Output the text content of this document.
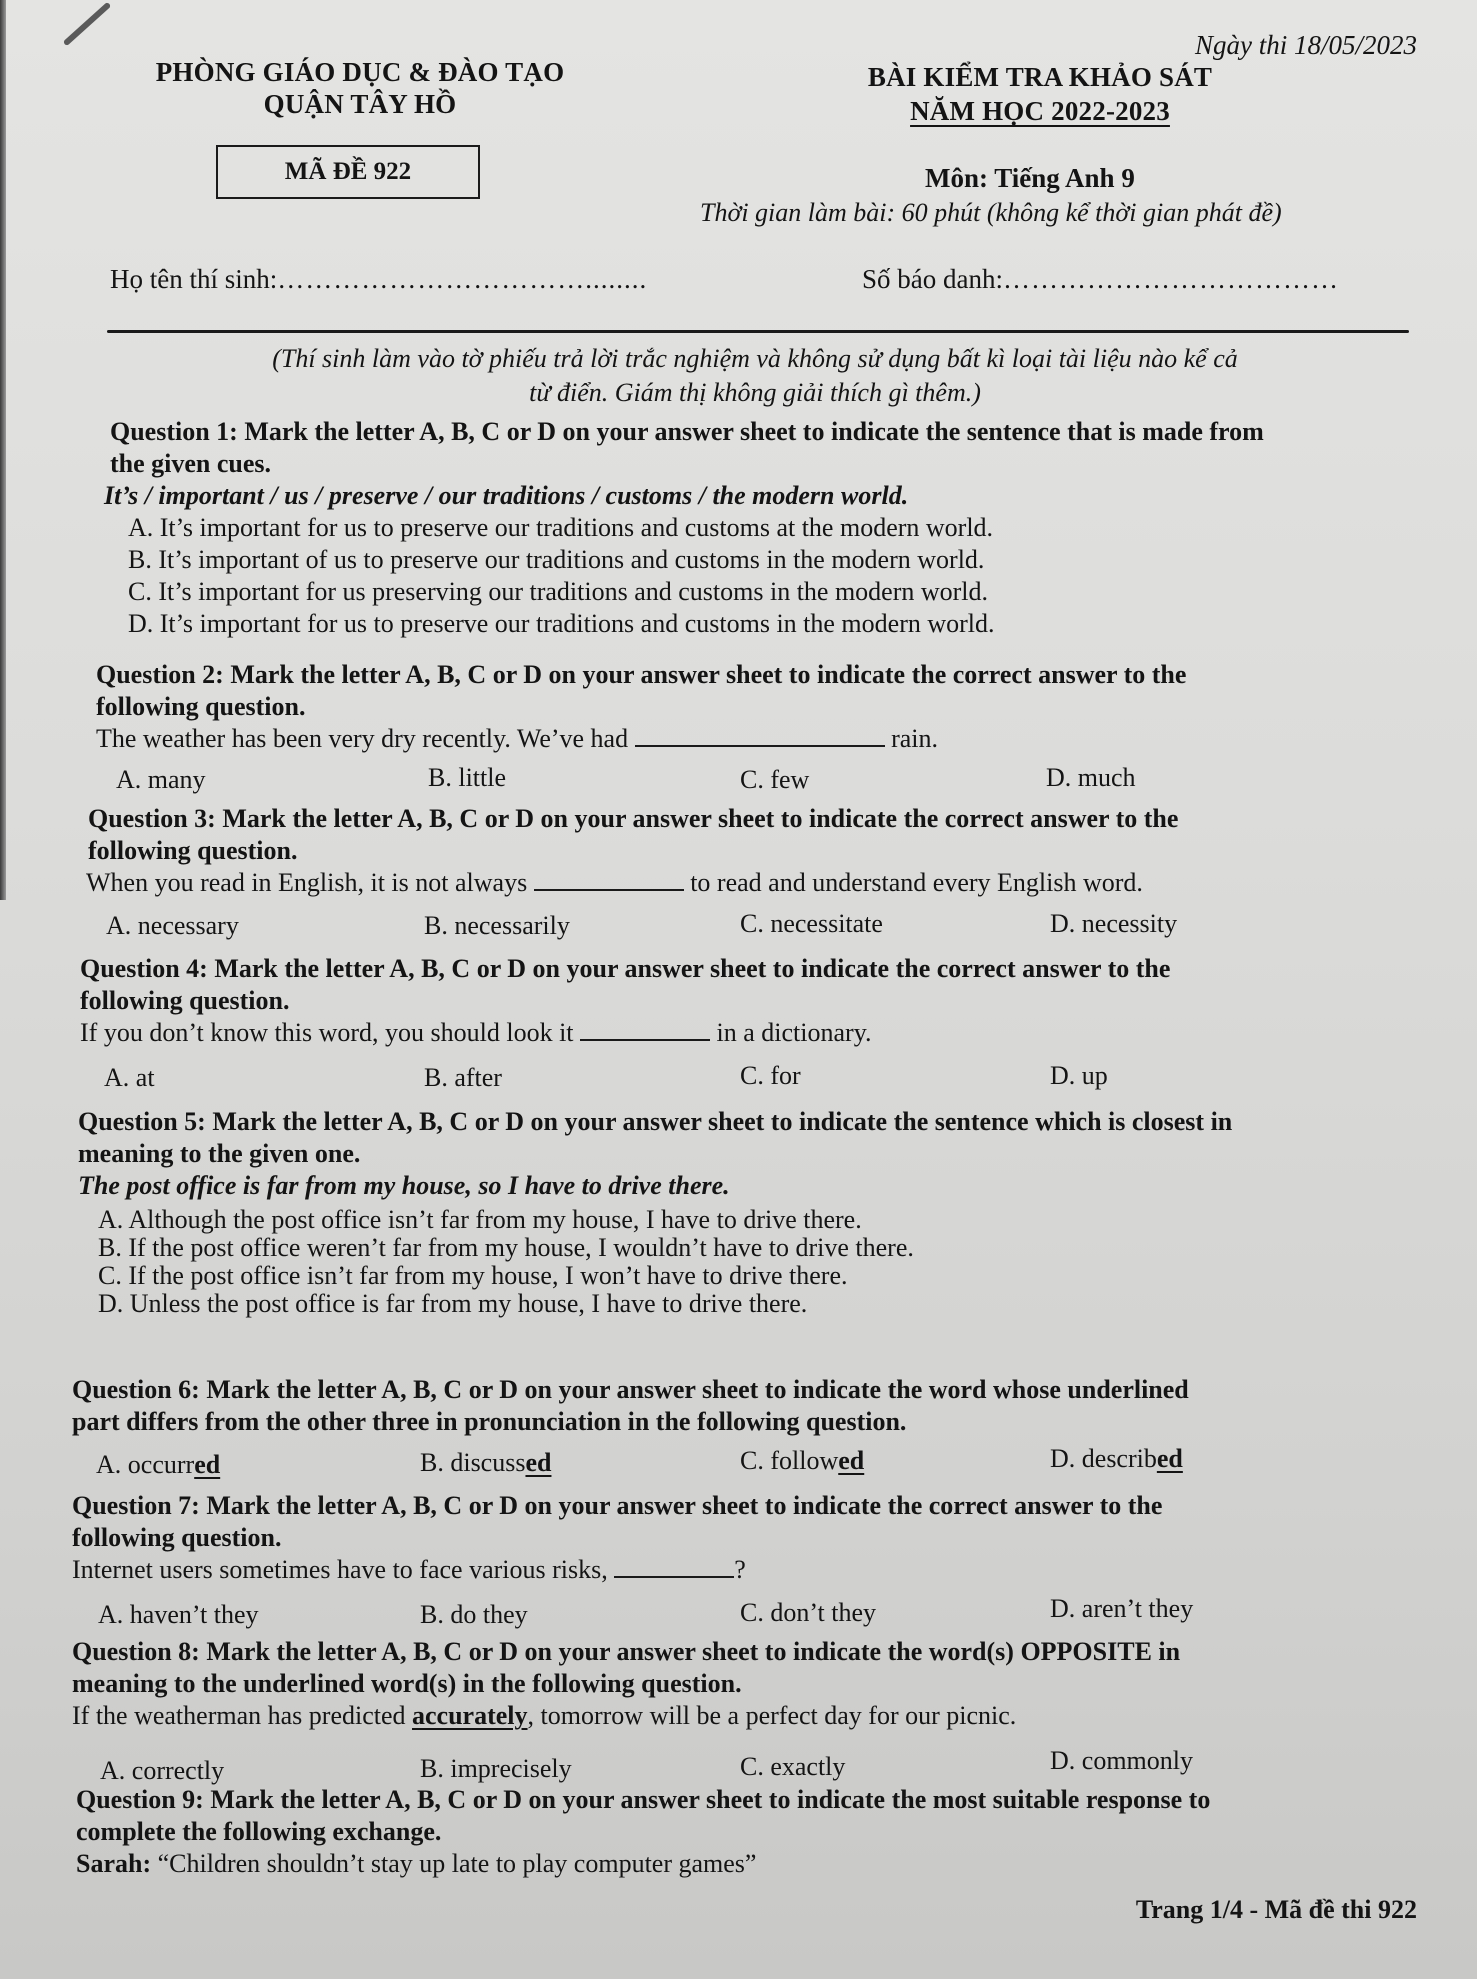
Ngày thi 18/05/2023
PHÒNG GIÁO DỤC & ĐÀO TẠO
QUẬN TÂY HỒ
BÀI KIỂM TRA KHẢO SÁT
NĂM HỌC 2022-2023
MÃ ĐỀ 922	Môn: Tiếng Anh 9
Thời gian làm bài: 60 phút (không kể thời gian phát đề)
Họ tên thí sinh:……………………………........	Số báo danh:………………………………
(Thí sinh làm vào tờ phiếu trả lời trắc nghiệm và không sử dụng bất kì loại tài liệu nào kể cả
từ điển. Giám thị không giải thích gì thêm.)
Question 1: Mark the letter A, B, C or D on your answer sheet to indicate the sentence that is made from
the given cues.
It’s / important / us / preserve / our traditions / customs / the modern world.
A. It’s important for us to preserve our traditions and customs at the modern world.
B. It’s important of us to preserve our traditions and customs in the modern world.
C. It’s important for us preserving our traditions and customs in the modern world.
D. It’s important for us to preserve our traditions and customs in the modern world.
Question 2: Mark the letter A, B, C or D on your answer sheet to indicate the correct answer to the
following question.
The weather has been very dry recently. We’ve had	rain.
A. many	B. little	C. few	D. much
Question 3: Mark the letter A, B, C or D on your answer sheet to indicate the correct answer to the
following question.
When you read in English, it is not always	to read and understand every English word.
A. necessary	B. necessarily	C. necessitate	D. necessity
Question 4: Mark the letter A, B, C or D on your answer sheet to indicate the correct answer to the
following question.
If you don’t know this word, you should look it	in a dictionary.
A. at	B. after	C. for	D. up
Question 5: Mark the letter A, B, C or D on your answer sheet to indicate the sentence which is closest in
meaning to the given one.
The post office is far from my house, so I have to drive there.
A. Although the post office isn’t far from my house, I have to drive there.
B. If the post office weren’t far from my house, I wouldn’t have to drive there.
C. If the post office isn’t far from my house, I won’t have to drive there.
D. Unless the post office is far from my house, I have to drive there.
Question 6: Mark the letter A, B, C or D on your answer sheet to indicate the word whose underlined
part differs from the other three in pronunciation in the following question.
A. occurred	B. discussed	C. followed	D. described
Question 7: Mark the letter A, B, C or D on your answer sheet to indicate the correct answer to the
following question.
Internet users sometimes have to face various risks,	?
A. haven’t they	B. do they	C. don’t they	D. aren’t they
Question 8: Mark the letter A, B, C or D on your answer sheet to indicate the word(s) OPPOSITE in
meaning to the underlined word(s) in the following question.
If the weatherman has predicted accurately, tomorrow will be a perfect day for our picnic.
A. correctly	B. imprecisely	C. exactly	D. commonly
Question 9: Mark the letter A, B, C or D on your answer sheet to indicate the most suitable response to
complete the following exchange.
Sarah: “Children shouldn’t stay up late to play computer games”
Trang 1/4 - Mã đề thi 922
